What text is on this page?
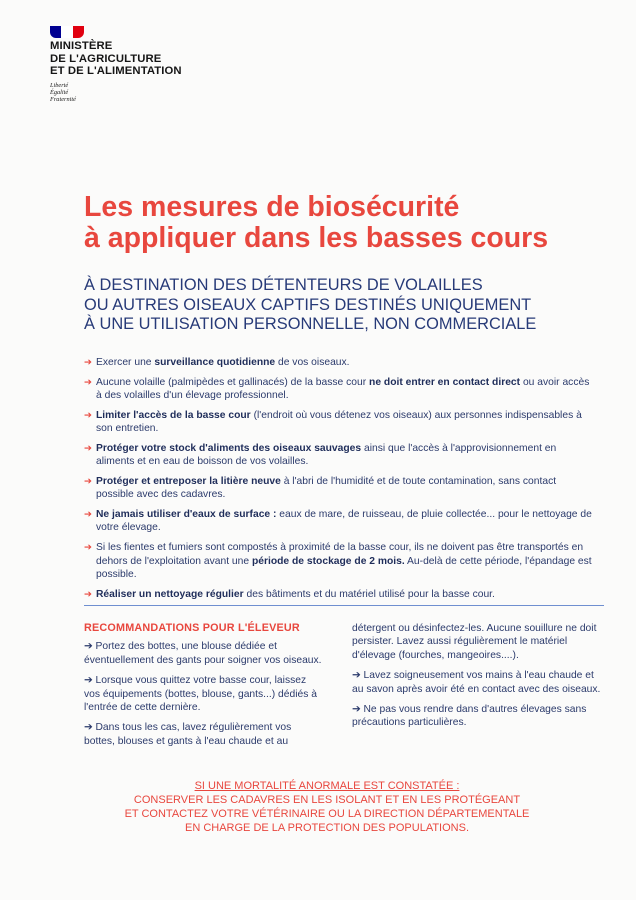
MINISTÈRE
DE L'AGRICULTURE
ET DE L'ALIMENTATION
Liberté
Égalité
Fraternité
Les mesures de biosécurité
à appliquer dans les basses cours
À DESTINATION DES DÉTENTEURS DE VOLAILLES
OU AUTRES OISEAUX CAPTIFS DESTINÉS UNIQUEMENT
À UNE UTILISATION PERSONNELLE, NON COMMERCIALE
➔ Exercer une surveillance quotidienne de vos oiseaux.
➔ Aucune volaille (palmipèdes et gallinacés) de la basse cour ne doit entrer en contact direct ou avoir accès à des volailles d'un élevage professionnel.
➔ Limiter l'accès de la basse cour (l'endroit où vous détenez vos oiseaux) aux personnes indispensables à son entretien.
➔ Protéger votre stock d'aliments des oiseaux sauvages ainsi que l'accès à l'approvisionnement en aliments et en eau de boisson de vos volailles.
➔ Protéger et entreposer la litière neuve à l'abri de l'humidité et de toute contamination, sans contact possible avec des cadavres.
➔ Ne jamais utiliser d'eaux de surface : eaux de mare, de ruisseau, de pluie collectée... pour le nettoyage de votre élevage.
➔ Si les fientes et fumiers sont compostés à proximité de la basse cour, ils ne doivent pas être transportés en dehors de l'exploitation avant une période de stockage de 2 mois. Au-delà de cette période, l'épandage est possible.
➔ Réaliser un nettoyage régulier des bâtiments et du matériel utilisé pour la basse cour.
RECOMMANDATIONS POUR L'ÉLEVEUR
➔ Portez des bottes, une blouse dédiée et éventuellement des gants pour soigner vos oiseaux.
➔ Lorsque vous quittez votre basse cour, laissez vos équipements (bottes, blouse, gants...) dédiés à l'entrée de cette dernière.
➔ Dans tous les cas, lavez régulièrement vos bottes, blouses et gants à l'eau chaude et au
détergent ou désinfectez-les. Aucune souillure ne doit persister. Lavez aussi régulièrement le matériel d'élevage (fourches, mangeoires....).
➔ Lavez soigneusement vos mains à l'eau chaude et au savon après avoir été en contact avec des oiseaux.
➔ Ne pas vous rendre dans d'autres élevages sans précautions particulières.
SI UNE MORTALITÉ ANORMALE EST CONSTATÉE :
CONSERVER LES CADAVRES EN LES ISOLANT ET EN LES PROTÉGEANT
ET CONTACTEZ VOTRE VÉTÉRINAIRE OU LA DIRECTION DÉPARTEMENTALE
EN CHARGE DE LA PROTECTION DES POPULATIONS.
